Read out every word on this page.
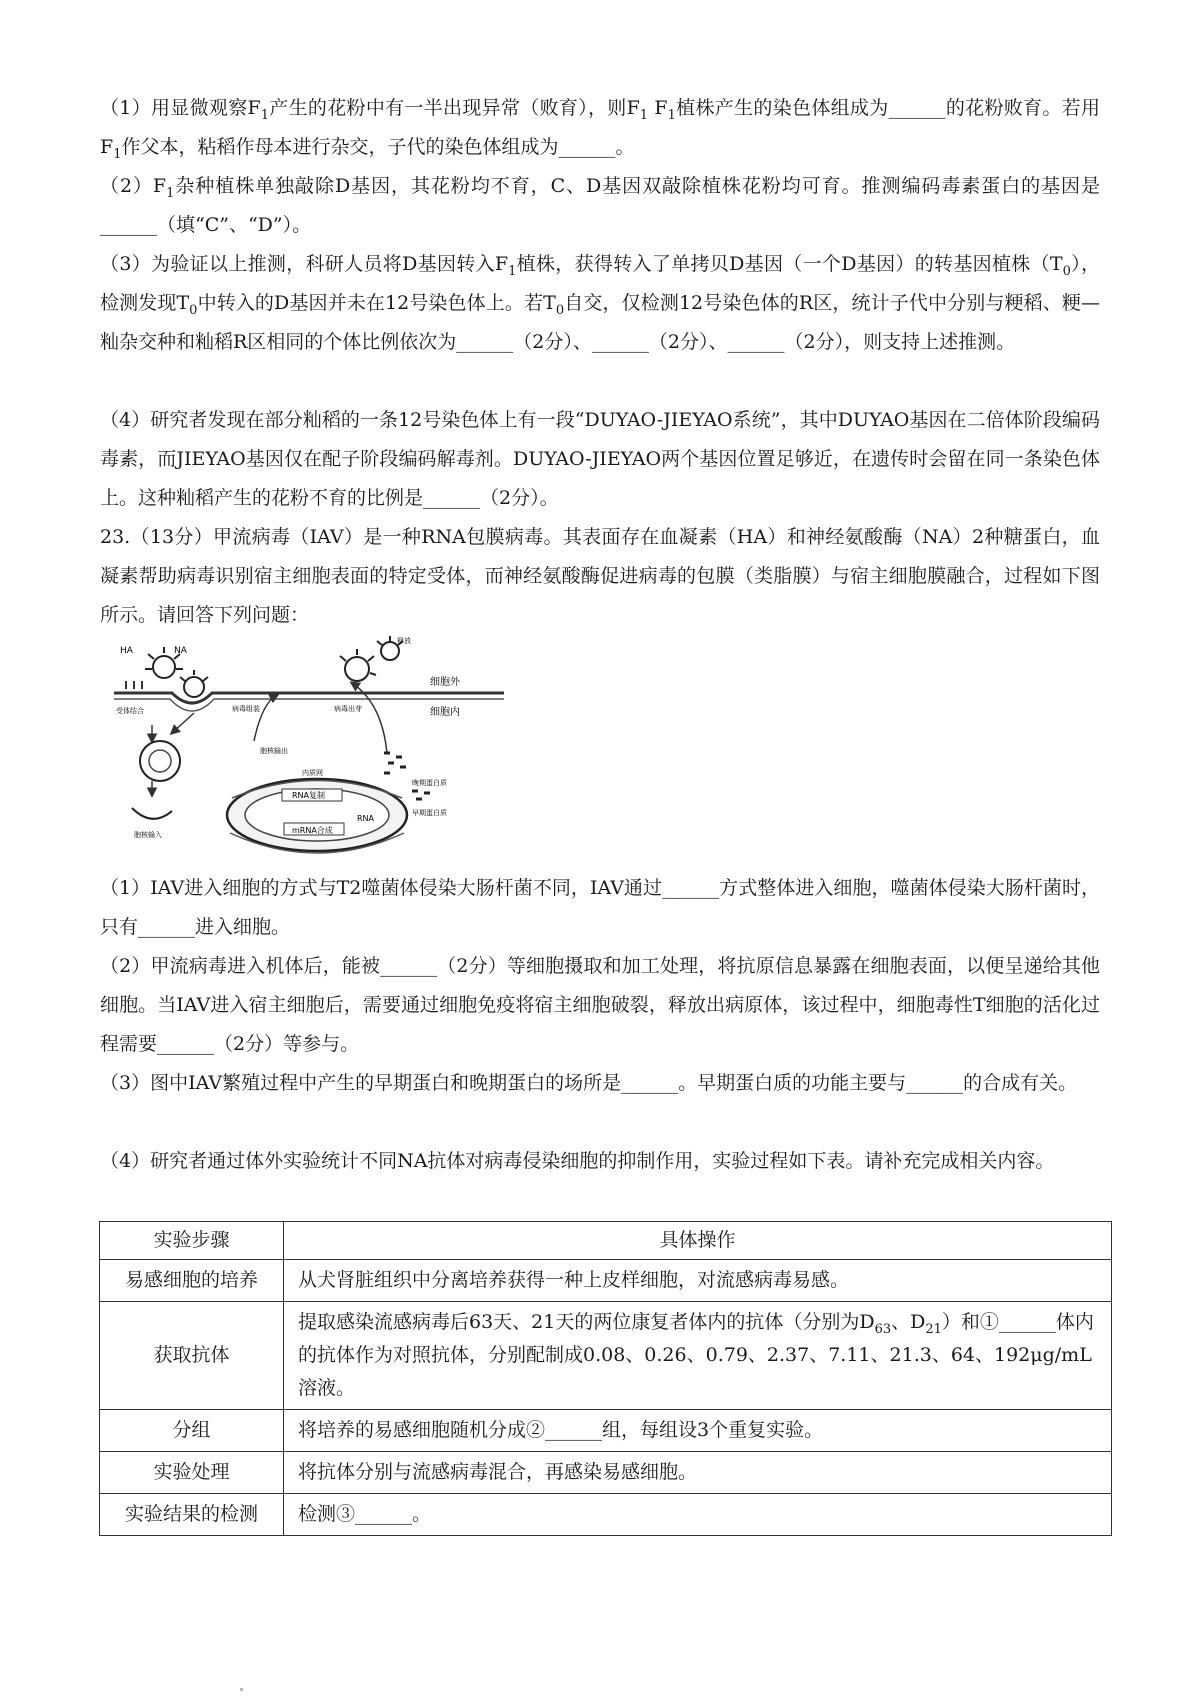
（1）用显微观察$F_1$产生的花粉中有一半出现异常（败育），则$F_1$ $F_1$植株产生的染色体组成为______的花粉败育。若用$F_1$作父本，粘稻作母本进行杂交，子代的染色体组成为______。
$(2)F_1$杂种植株单独敲除D基因，其花粉均不育，C、D基因双敲除植株花粉均可育。推测编码毒素蛋白的基因是______（填“C”、“D”）。
（3）为验证以上推测，科研人员将D基因转入$F_1$植株，获得转入了单拷贝D基因（一个D基因）的转基因植株$(T_0)$，检测发现$T_0$中转入的D基因并未在12号染色体上。若$T_0$自交，仅检测12号染色体的R区，统计子代中分别与粳稻、粳—籼杂交种和籼稻R区相同的个体比例依次为______（2分）、______（2分）、______（2分），则支持上述推测。
（4）研究者发现在部分籼稻的一条12号染色体上有一段“DUYAO-JIEYAO系统”，其中DUYAO基因在二倍体阶段编码毒素，而JIEYAO基因仅在配子阶段编码解毒剂。DUYAO-JIEYAO两个基因位置足够近，在遗传时会留在同一条染色体上。这种籼稻产生的花粉不育的比例是______（2分）。
23.（13分）甲流病毒（IAV）是一种RNA包膜病毒。其表面存在血凝素（HA）和神经氨酸酶（NA）2种糖蛋白，血凝素帮助病毒识别宿主细胞表面的特定受体，而神经氨酸酶促进病毒的包膜（类脂膜）与宿主细胞膜融合，过程如下图所示。请回答下列问题：
HA	NA
释放
细胞外
细胞内
受体结合	病毒组装	病毒出芽
胞核输出
胞核输入
内质网
RNA复制
RNA
mRNA合成
晚期蛋白质
早期蛋白质
（1）IAV进入细胞的方式与T2噬菌体侵染大肠杆菌不同，IAV通过______方式整体进入细胞，噬菌体侵染大肠杆菌时，只有______进入细胞。
（2）甲流病毒进入机体后，能被______（2分）等细胞摄取和加工处理，将抗原信息暴露在细胞表面，以便呈递给其他细胞。当IAV进入宿主细胞后，需要通过细胞免疫将宿主细胞破裂，释放出病原体，该过程中，细胞毒性T细胞的活化过程需要______（2分）等参与。
（3）图中IAV繁殖过程中产生的早期蛋白和晚期蛋白的场所是______。早期蛋白质的功能主要与______的合成有关。
（4）研究者通过体外实验统计不同NA抗体对病毒侵染细胞的抑制作用，实验过程如下表。请补充完成相关内容。
实验步骤	具体操作
易感细胞的培养	从犬肾脏组织中分离培养获得一种上皮样细胞，对流感病毒易感。
获取抗体	提取感染流感病毒后63天、21天的两位康复者体内的抗体（分别为$D_{63}$、$D_{21}$）和①______体内的抗体作为对照抗体，分别配制成0.08、0.26、0.79、2.37、7.11、21.3、64、192μg/mL溶液。
分组	将培养的易感细胞随机分成②______组，每组设3个重复实验。
实验处理	将抗体分别与流感病毒混合，再感染易感细胞。
实验结果的检测	检测③______。
